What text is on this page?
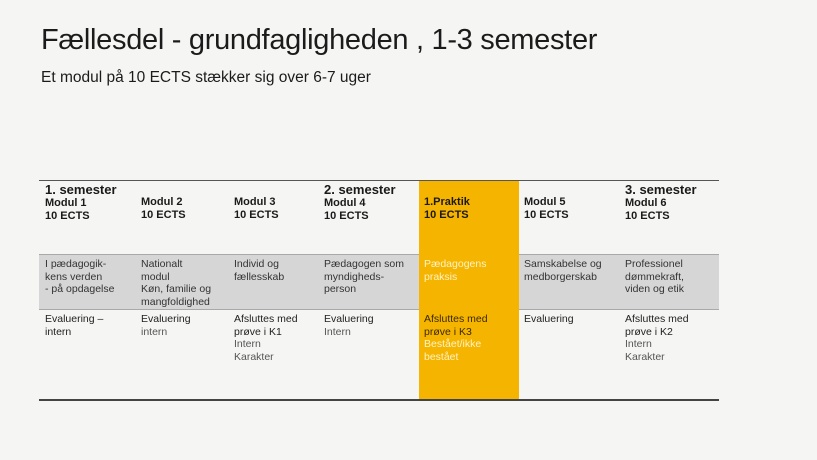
Fællesdel - grundfagligheden , 1-3 semester
Et modul på 10 ECTS stækker sig over 6-7 uger
1. semester
Modul 1
10 ECTS
I pædagogik-
kens verden
- på opdagelse
Evaluering –
intern
Modul 2
10 ECTS
Nationalt
modul
Køn, familie og
mangfoldighed
Evaluering
intern
Modul 3
10 ECTS
Individ og
fællesskab
Afsluttes med
prøve i K1
Intern
Karakter
2. semester
Modul 4
10 ECTS
Pædagogen som
myndigheds-
person
Evaluering
Intern
1.Praktik
10 ECTS
Pædagogens
praksis
Afsluttes med
prøve i K3
Bestået/ikke
bestået
Modul 5
10 ECTS
Samskabelse og
medborgerskab
Evaluering
3. semester
Modul 6
10 ECTS
Professionel
dømmekraft,
viden og etik
Afsluttes med
prøve i K2
Intern
Karakter
